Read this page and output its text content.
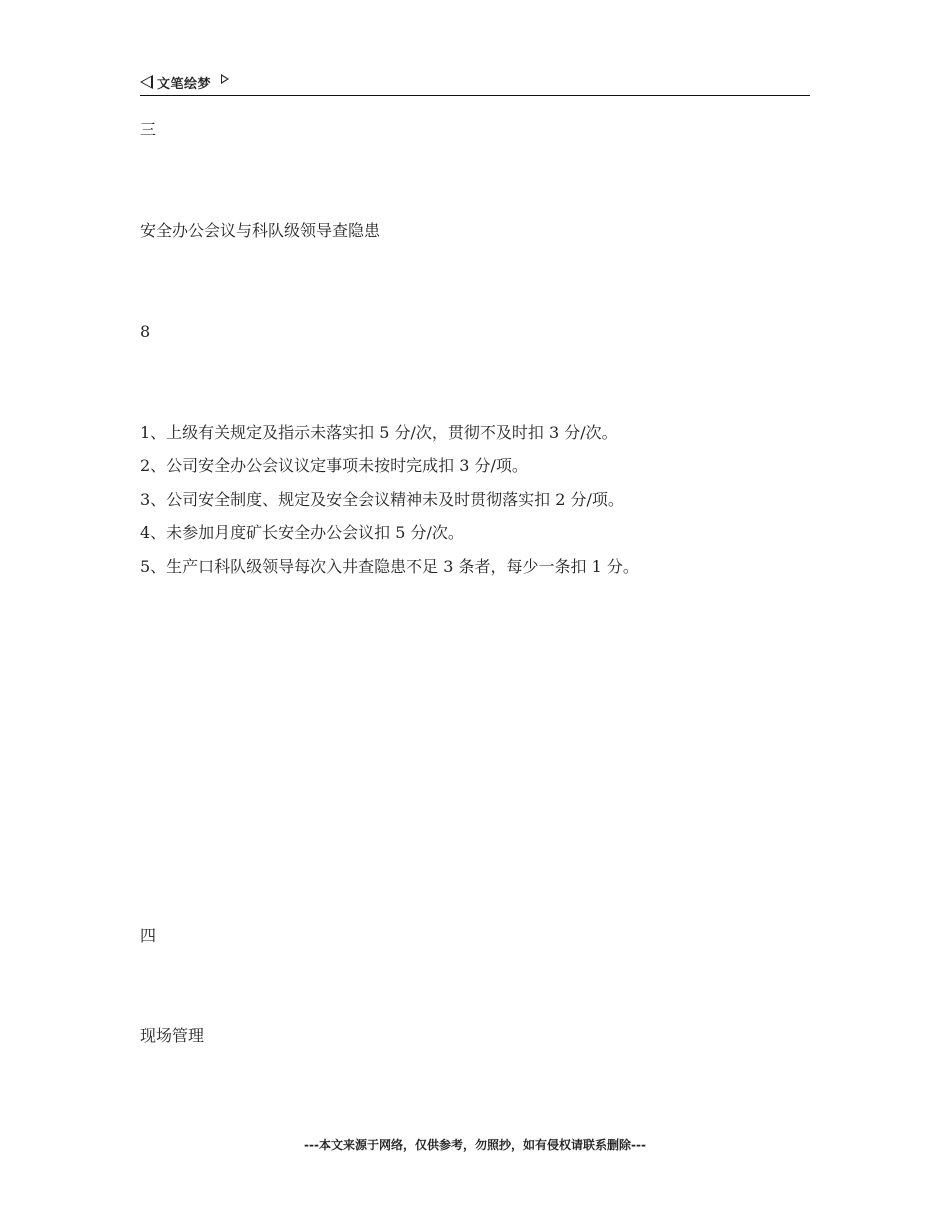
文笔绘梦
三
安全办公会议与科队级领导查隐患
8
1、上级有关规定及指示未落实扣 5 分/次，贯彻不及时扣 3 分/次。
2、公司安全办公会议议定事项未按时完成扣 3 分/项。
3、公司安全制度、规定及安全会议精神未及时贯彻落实扣 2 分/项。
4、未参加月度矿长安全办公会议扣 5 分/次。
5、生产口科队级领导每次入井查隐患不足 3 条者，每少一条扣 1 分。
四
现场管理
---本文来源于网络，仅供参考，勿照抄，如有侵权请联系删除---
